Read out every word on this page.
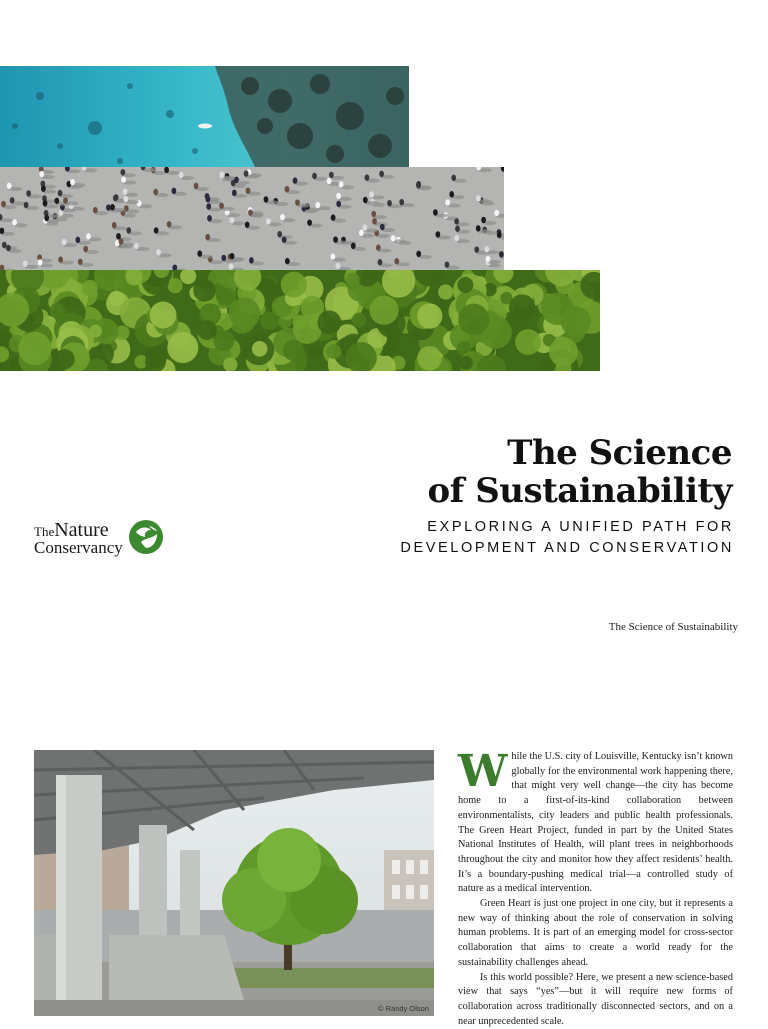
The Science
of Sustainability
EXPLORING A UNIFIED PATH FOR
DEVELOPMENT AND CONSERVATION
TheNature
Conservancy
The Science of Sustainability
© Randy Olson

While the U.S. city of Louisville, Kentucky isn’t known globally for the environmental work happening there, that might very well change—the city has become home to a first-of-its-kind collaboration between environmentalists, city leaders and public health professionals. The Green Heart Project, funded in part by the United States National Institutes of Health, will plant trees in neighborhoods throughout the city and monitor how they affect residents’ health. It’s a boundary-pushing medical trial—a controlled study of nature as a medical intervention.

Green Heart is just one project in one city, but it represents a new way of thinking about the role of conservation in solving human problems. It is part of an emerging model for cross-sector collaboration that aims to create a world ready for the sustainability challenges ahead.

Is this world possible? Here, we present a new science-based view that says “yes”—but it will require new forms of collaboration across traditionally disconnected sectors, and on a near unprecedented scale.
